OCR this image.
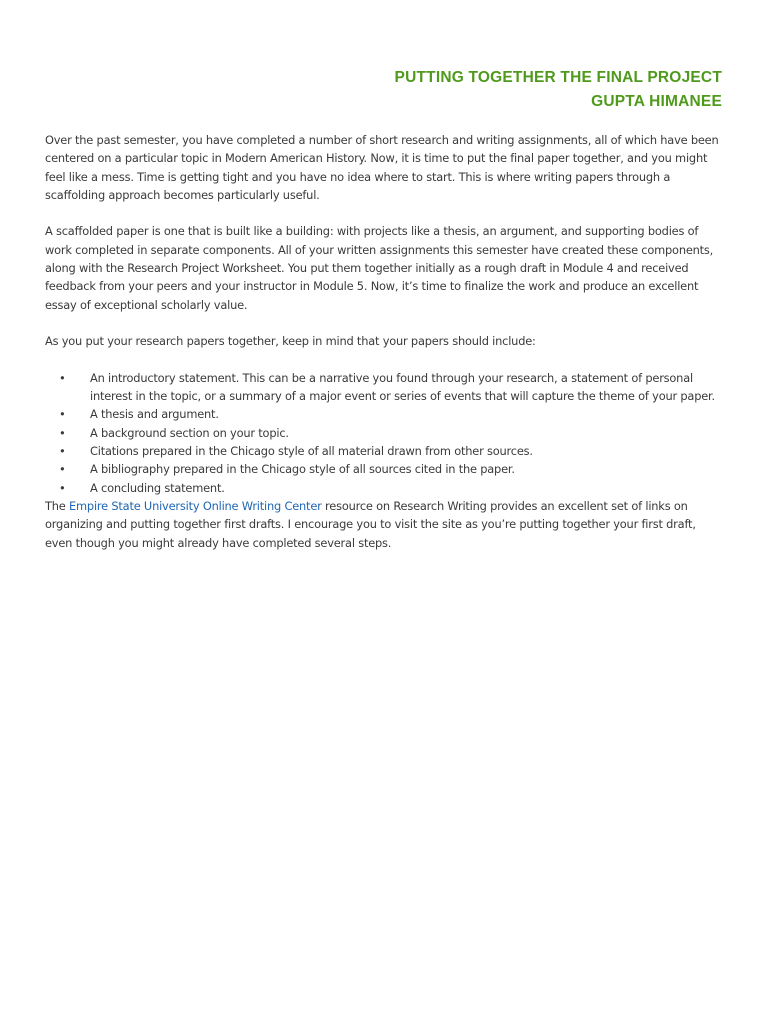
PUTTING TOGETHER THE FINAL PROJECT
GUPTA HIMANEE

Over the past semester, you have completed a number of short research and writing assignments, all of which have been centered on a particular topic in Modern American History. Now, it is time to put the final paper together, and you might feel like a mess. Time is getting tight and you have no idea where to start. This is where writing papers through a scaffolding approach becomes particularly useful.

A scaffolded paper is one that is built like a building: with projects like a thesis, an argument, and supporting bodies of work completed in separate components. All of your written assignments this semester have created these components, along with the Research Project Worksheet. You put them together initially as a rough draft in Module 4 and received feedback from your peers and your instructor in Module 5. Now, it’s time to finalize the work and produce an excellent essay of exceptional scholarly value.

As you put your research papers together, keep in mind that your papers should include:

• An introductory statement. This can be a narrative you found through your research, a statement of personal interest in the topic, or a summary of a major event or series of events that will capture the theme of your paper.
• A thesis and argument.
• A background section on your topic.
• Citations prepared in the Chicago style of all material drawn from other sources.
• A bibliography prepared in the Chicago style of all sources cited in the paper.
• A concluding statement.

The Empire State University Online Writing Center resource on Research Writing provides an excellent set of links on organizing and putting together first drafts. I encourage you to visit the site as you’re putting together your first draft, even though you might already have completed several steps.
